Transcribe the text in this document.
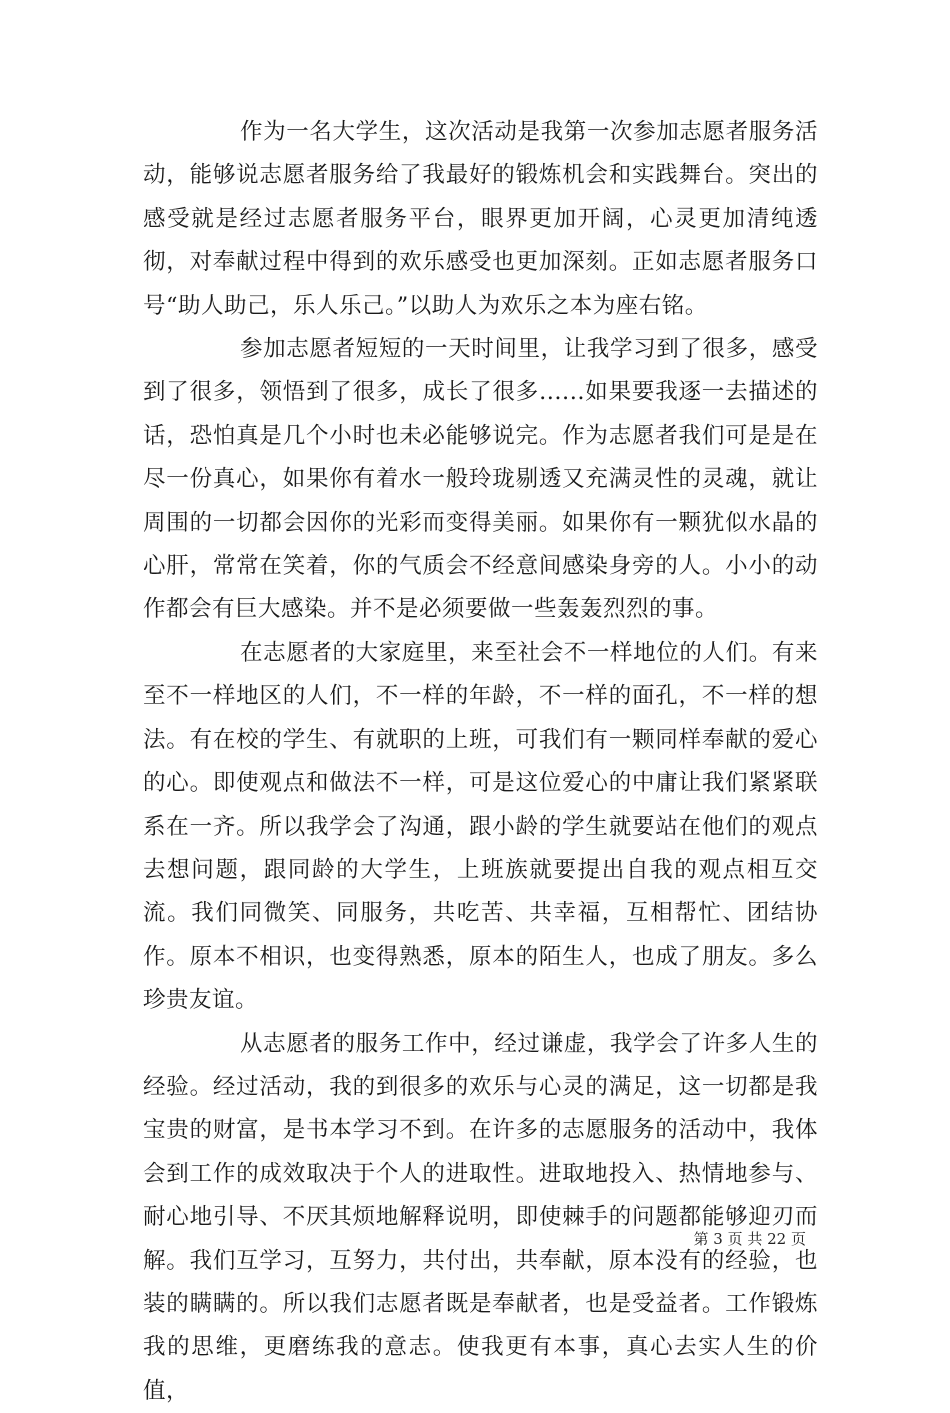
作为一名大学生，这次活动是我第一次参加志愿者服务活动，能够说志愿者服务给了我最好的锻炼机会和实践舞台。突出的感受就是经过志愿者服务平台，眼界更加开阔，心灵更加清纯透彻，对奉献过程中得到的欢乐感受也更加深刻。正如志愿者服务口号“助人助己，乐人乐己。”以助人为欢乐之本为座右铭。

参加志愿者短短的一天时间里，让我学习到了很多，感受到了很多，领悟到了很多，成长了很多......如果要我逐一去描述的话，恐怕真是几个小时也未必能够说完。作为志愿者我们可是是在尽一份真心，如果你有着水一般玲珑剔透又充满灵性的灵魂，就让周围的一切都会因你的光彩而变得美丽。如果你有一颗犹似水晶的心肝，常常在笑着，你的气质会不经意间感染身旁的人。小小的动作都会有巨大感染。并不是必须要做一些轰轰烈烈的事。

在志愿者的大家庭里，来至社会不一样地位的人们。有来至不一样地区的人们，不一样的年龄，不一样的面孔，不一样的想法。有在校的学生、有就职的上班，可我们有一颗同样奉献的爱心的心。即使观点和做法不一样，可是这位爱心的中庸让我们紧紧联系在一齐。所以我学会了沟通，跟小龄的学生就要站在他们的观点去想问题，跟同龄的大学生，上班族就要提出自我的观点相互交流。我们同微笑、同服务，共吃苦、共幸福，互相帮忙、团结协作。原本不相识，也变得熟悉，原本的陌生人，也成了朋友。多么珍贵友谊。

从志愿者的服务工作中，经过谦虚，我学会了许多人生的经验。经过活动，我的到很多的欢乐与心灵的满足，这一切都是我宝贵的财富，是书本学习不到。在许多的志愿服务的活动中，我体会到工作的成效取决于个人的进取性。进取地投入、热情地参与、耐心地引导、不厌其烦地解释说明，即使棘手的问题都能够迎刃而解。我们互学习，互努力，共付出，共奉献，原本没有的经验，也装的瞒瞒的。所以我们志愿者既是奉献者，也是受益者。工作锻炼我的思维，更磨练我的意志。使我更有本事，真心去实人生的价值，

第 3 页 共 22 页
